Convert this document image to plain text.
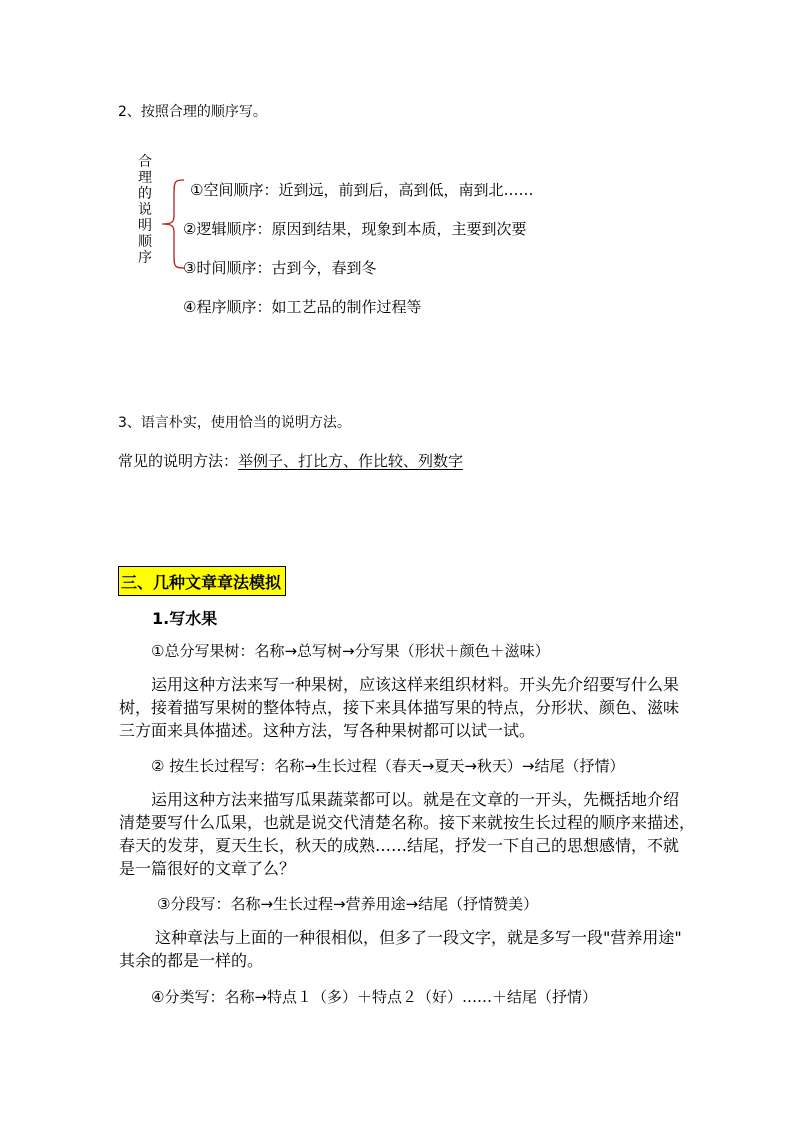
2、按照合理的顺序写。
合
理
的
说
明
顺
序
①空间顺序：近到远，前到后，高到低，南到北……
②逻辑顺序：原因到结果，现象到本质，主要到次要
③时间顺序：古到今，春到冬
④程序顺序：如工艺品的制作过程等
3、语言朴实，使用恰当的说明方法。
常见的说明方法：举例子、打比方、作比较、列数字
三、几种文章章法模拟
1.写水果
①总分写果树：名称→总写树→分写果（形状＋颜色＋滋味）
运用这种方法来写一种果树，应该这样来组织材料。开头先介绍要写什么果
树，接着描写果树的整体特点，接下来具体描写果的特点，分形状、颜色、滋味
三方面来具体描述。这种方法，写各种果树都可以试一试。
② 按生长过程写：名称→生长过程（春天→夏天→秋天）→结尾（抒情）
运用这种方法来描写瓜果蔬菜都可以。就是在文章的一开头，先概括地介绍
清楚要写什么瓜果，也就是说交代清楚名称。接下来就按生长过程的顺序来描述，
春天的发芽，夏天生长，秋天的成熟……结尾，抒发一下自己的思想感情，不就
是一篇很好的文章了么？
③分段写：名称→生长过程→营养用途→结尾（抒情赞美）
这种章法与上面的一种很相似，但多了一段文字，就是多写一段"营养用途"
其余的都是一样的。
④分类写：名称→特点１（多）＋特点２（好）……＋结尾（抒情）
